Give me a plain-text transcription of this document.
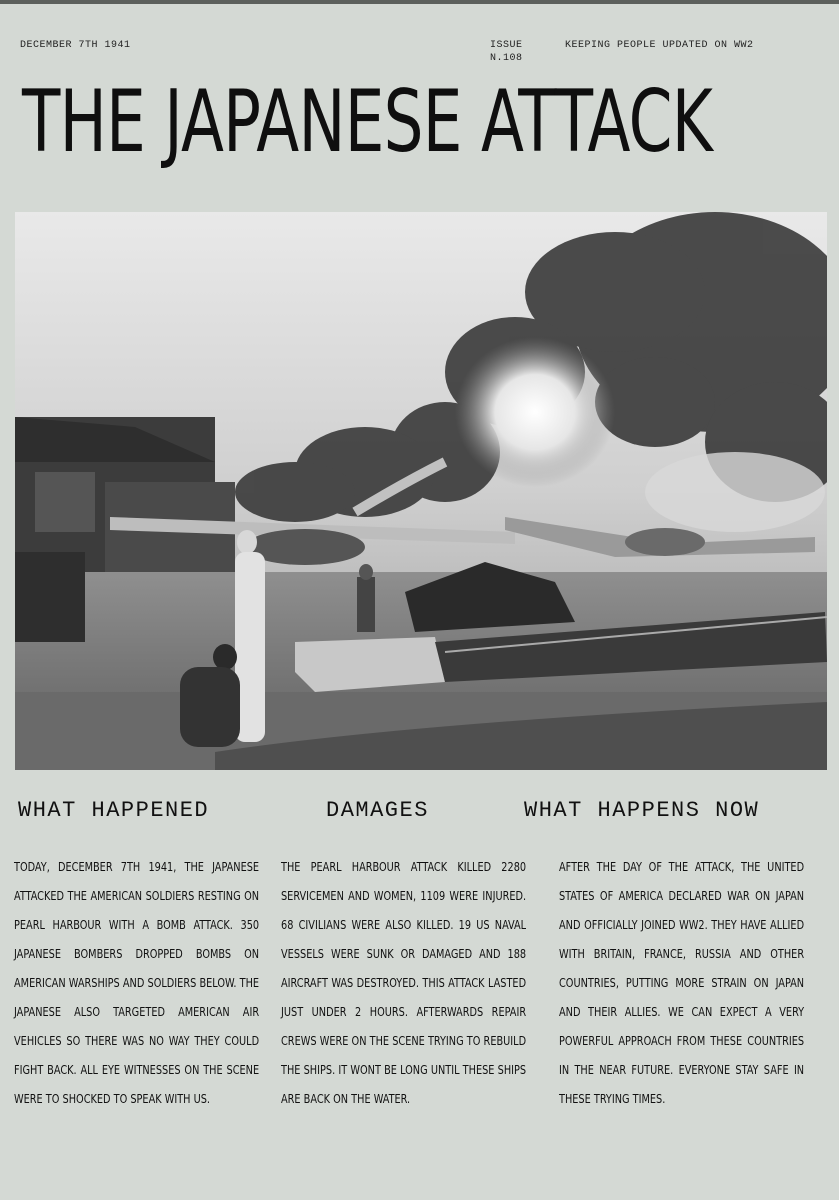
DECEMBER 7TH 1941	ISSUE
N.108
KEEPING PEOPLE UPDATED ON WW2
THE JAPANESE ATTACK
WHAT HAPPENED	DAMAGES	WHAT HAPPENS NOW

TODAY, DECEMBER 7TH 1941, THE JAPANESE ATTACKED THE AMERICAN SOLDIERS RESTING ON PEARL HARBOUR WITH A BOMB ATTACK. 350 JAPANESE BOMBERS DROPPED BOMBS ON AMERICAN WARSHIPS AND SOLDIERS BELOW. THE JAPANESE ALSO TARGETED AMERICAN AIR VEHICLES SO THERE WAS NO WAY THEY COULD FIGHT BACK. ALL EYE WITNESSES ON THE SCENE WERE TO SHOCKED TO SPEAK WITH US.

THE PEARL HARBOUR ATTACK KILLED 2280 SERVICEMEN AND WOMEN, 1109 WERE INJURED. 68 CIVILIANS WERE ALSO KILLED. 19 US NAVAL VESSELS WERE SUNK OR DAMAGED AND 188 AIRCRAFT WAS DESTROYED. THIS ATTACK LASTED JUST UNDER 2 HOURS. AFTERWARDS REPAIR CREWS WERE ON THE SCENE TRYING TO REBUILD THE SHIPS. IT WONT BE LONG UNTIL THESE SHIPS ARE BACK ON THE WATER.

AFTER THE DAY OF THE ATTACK, THE UNITED STATES OF AMERICA DECLARED WAR ON JAPAN AND OFFICIALLY JOINED WW2. THEY HAVE ALLIED WITH BRITAIN, FRANCE, RUSSIA AND OTHER COUNTRIES, PUTTING MORE STRAIN ON JAPAN AND THEIR ALLIES. WE CAN EXPECT A VERY POWERFUL APPROACH FROM THESE COUNTRIES IN THE NEAR FUTURE. EVERYONE STAY SAFE IN THESE TRYING TIMES.
